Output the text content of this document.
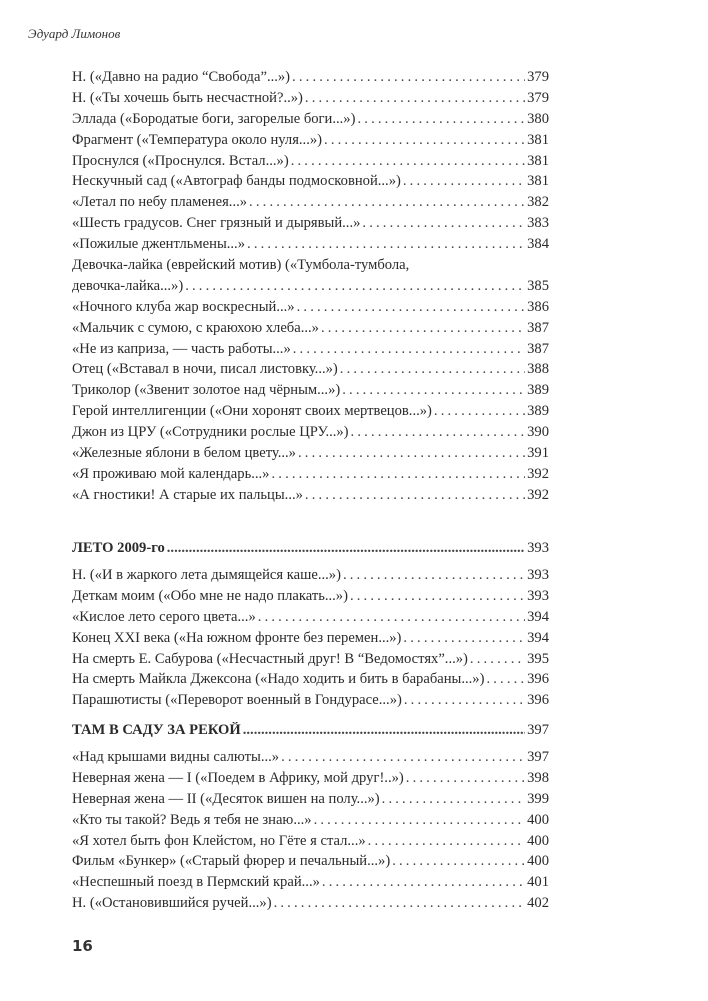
Эдуард Лимонов
Н. («Давно на радио “Свобода”...») . . .	379
Н. («Ты хочешь быть несчастной?..») . . .	379
Эллада («Бородатые боги, загорелые боги...») . . .	380
Фрагмент («Температура около нуля...») . . .	381
Проснулся («Проснулся. Встал...») . . .	381
Нескучный сад («Автограф банды подмосковной...») . . .	381
«Летал по небу пламенея...» . . .	382
«Шесть градусов. Снег грязный и дырявый...» . . .	383
«Пожилые джентльмены...» . . .	384
Девочка-лайка (еврейский мотив) («Тумбола-тумбола,
девочка-лайка...») . . .	385
«Ночного клуба жар воскресный...» . . .	386
«Мальчик с сумою, с краюхою хлеба...» . . .	387
«Не из каприза, — часть работы...» . . .	387
Отец («Вставал в ночи, писал листовку...») . . .	388
Триколор («Звенит золотое над чёрным...») . . .	389
Герой интеллигенции («Они хоронят своих мертвецов...») . . .	389
Джон из ЦРУ («Сотрудники рослые ЦРУ...») . . .	390
«Железные яблони в белом цвету...» . . .	391
«Я проживаю мой календарь...» . . .	392
«А гностики! А старые их пальцы...» . . .	392
ЛЕТО 2009-го .....	393
Н. («И в жаркого лета дымящейся каше...») . . .	393
Деткам моим («Обо мне не надо плакать...») . . .	393
«Кислое лето серого цвета...» . . .	394
Конец XXI века («На южном фронте без перемен...») . . .	394
На смерть Е. Сабурова («Несчастный друг! В “Ведомостях”...») . . .	395
На смерть Майкла Джексона («Надо ходить и бить в барабаны...») . . .	396
Парашютисты («Переворот военный в Гондурасе...») . . .	396
ТАМ В САДУ ЗА РЕКОЙ .....	397
«Над крышами видны салюты...» . . .	397
Неверная жена — I («Поедем в Африку, мой друг!..») . . .	398
Неверная жена — II («Десяток вишен на полу...») . . .	399
«Кто ты такой? Ведь я тебя не знаю...» . . .	400
«Я хотел быть фон Клейстом, но Гёте я стал...» . . .	400
Фильм «Бункер» («Старый фюрер и печальный...») . . .	400
«Неспешный поезд в Пермский край...» . . .	401
Н. («Остановившийся ручей...») . . .	402
16
